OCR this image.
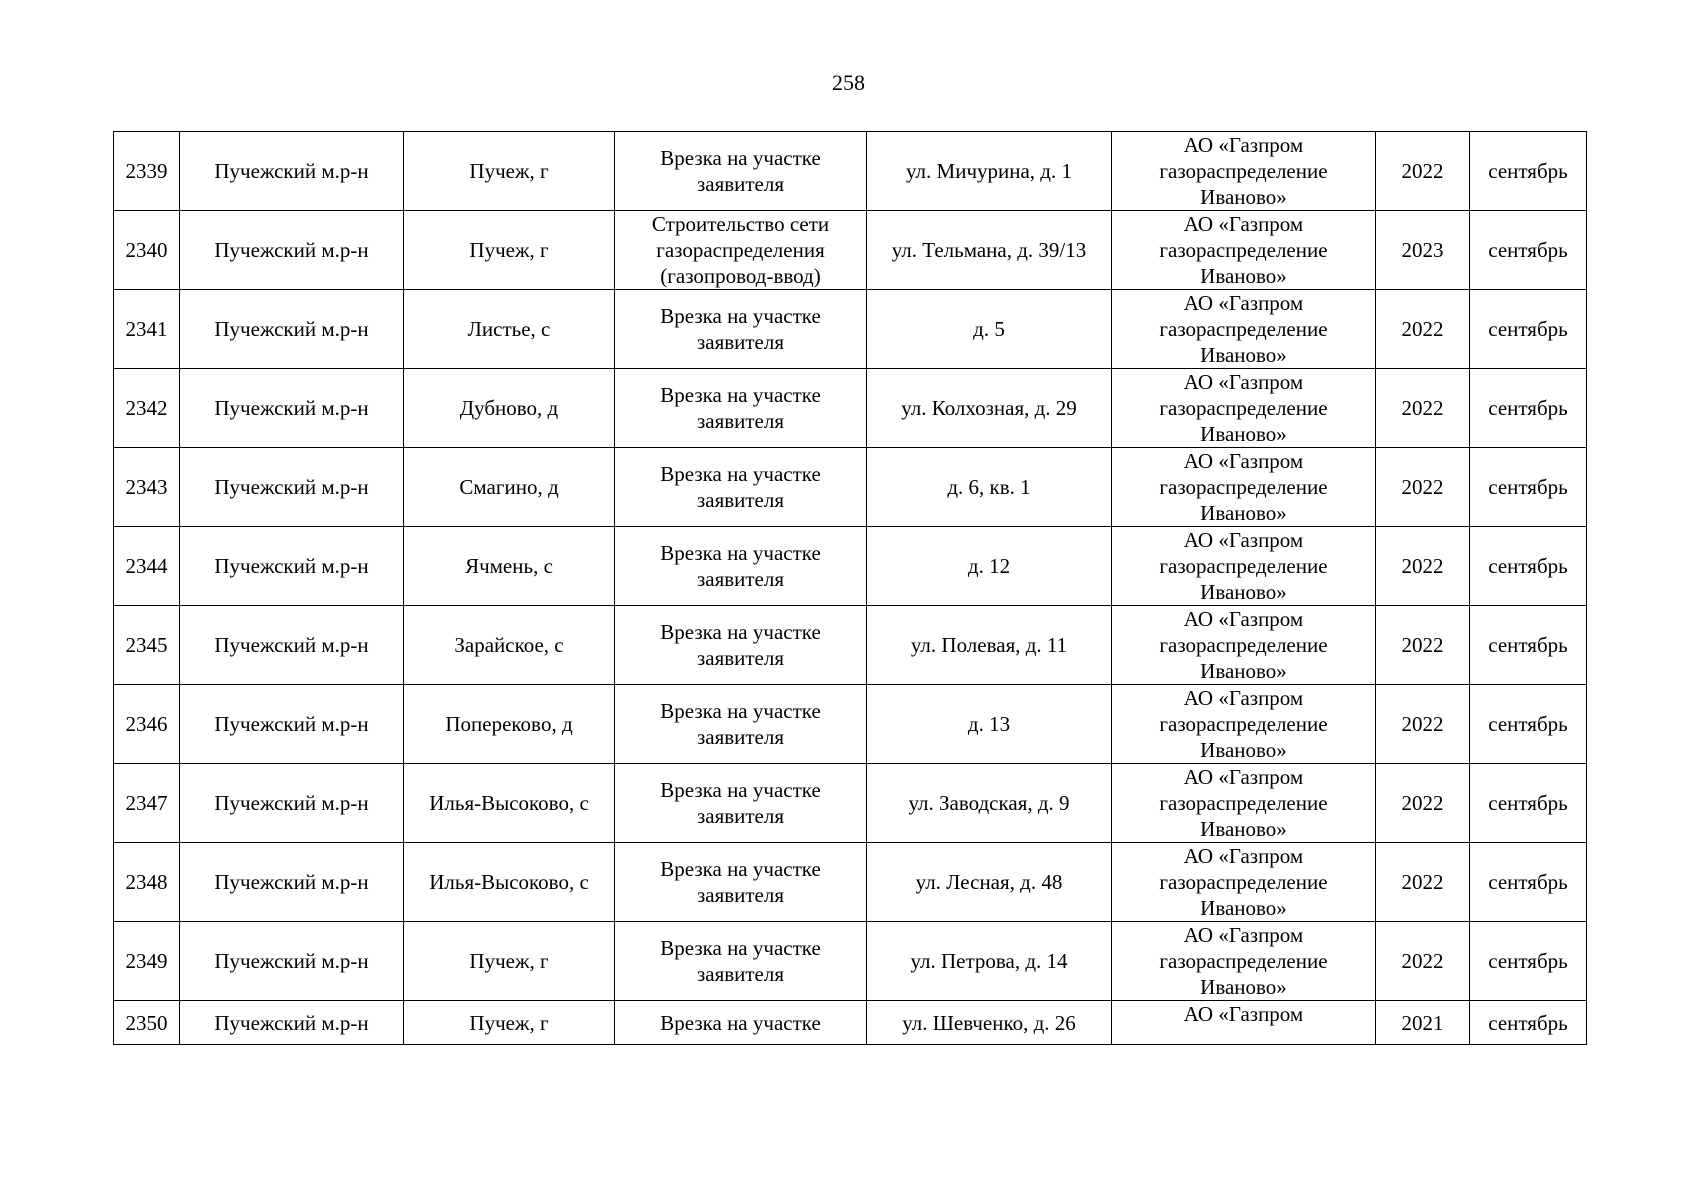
258
2339	Пучежский м.р-н	Пучеж, г	Врезка на участке заявителя	ул. Мичурина, д. 1	АО «Газпром газораспределение Иваново»	2022	сентябрь
2340	Пучежский м.р-н	Пучеж, г	Строительство сети газораспределения (газопровод-ввод)	ул. Тельмана, д. 39/13	АО «Газпром газораспределение Иваново»	2023	сентябрь
2341	Пучежский м.р-н	Листье, с	Врезка на участке заявителя	д. 5	АО «Газпром газораспределение Иваново»	2022	сентябрь
2342	Пучежский м.р-н	Дубново, д	Врезка на участке заявителя	ул. Колхозная, д. 29	АО «Газпром газораспределение Иваново»	2022	сентябрь
2343	Пучежский м.р-н	Смагино, д	Врезка на участке заявителя	д. 6, кв. 1	АО «Газпром газораспределение Иваново»	2022	сентябрь
2344	Пучежский м.р-н	Ячмень, с	Врезка на участке заявителя	д. 12	АО «Газпром газораспределение Иваново»	2022	сентябрь
2345	Пучежский м.р-н	Зарайское, с	Врезка на участке заявителя	ул. Полевая, д. 11	АО «Газпром газораспределение Иваново»	2022	сентябрь
2346	Пучежский м.р-н	Поперековo, д	Врезка на участке заявителя	д. 13	АО «Газпром газораспределение Иваново»	2022	сентябрь
2347	Пучежский м.р-н	Илья-Высоково, с	Врезка на участке заявителя	ул. Заводская, д. 9	АО «Газпром газораспределение Иваново»	2022	сентябрь
2348	Пучежский м.р-н	Илья-Высоково, с	Врезка на участке заявителя	ул. Лесная, д. 48	АО «Газпром газораспределение Иваново»	2022	сентябрь
2349	Пучежский м.р-н	Пучеж, г	Врезка на участке заявителя	ул. Петрова, д. 14	АО «Газпром газораспределение Иваново»	2022	сентябрь
2350	Пучежский м.р-н	Пучеж, г	Врезка на участке	ул. Шевченко, д. 26	АО «Газпром	2021	сентябрь
